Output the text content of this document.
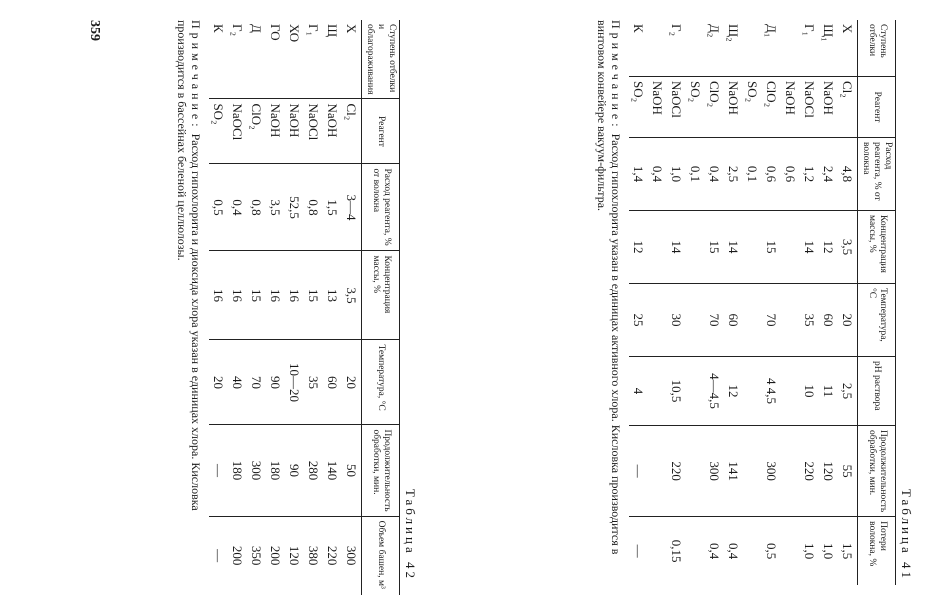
Таблица 41
Ступень отбелки	Реагент	Расход реагента, % от волокна	Концентрация массы, %	Температура, °С	pH раствора	Продолжительность обработки, мин.	Потери волокна, %
Х	Cl₂	4,8	3,5	20	2,5	55	1,5
Щ₁	NaOH	2,4	12	60	11	120	1,0
Г₁	NaOCl	1,2	14	35	10	220	1,0
	NaOH	0,6					
Д₁	ClO₂	0,6	15	70	4 4,5	300	0,5
	SO₂	0,1					
Щ₂	NaOH	2,5	14	60	12	141	0,4
Д₂	ClO₂	0,4	15	70	4—4,5	300	0,4
	SO₂	0,1					
Г₂	NaOCl	1,0	14	30	10,5	220	0,15
	NaOH	0,4					
К	SO₂	1,4	12	25	4	—	—
Примечание: Расход гипохлорита указан в единицах активного хлора. Кисловка производится в винтовом конвейере вакуум-фильтра.
Таблица 42
Ступень отбелки и облагораживания	Реагент	Расход реагента, % от волокна	Концентрация массы, %	Температура, °С	Продолжительность обработки, мин.	Объем башен, м³
Х	Cl₂	3—4	3,5	20	50	300
Щ	NaOH	1,5	13	60	140	220
Г₁	NaOCl	0,8	15	35	280	380
ХО	NaOH	52,5	16	10—20	90	120
ГО	NaOH	3,5	16	90	180	200
Д	ClO₂	0,8	15	70	300	350
Г₂	NaOCl	0,4	16	40	180	200
К	SO₂	0,5	16	20	—	—
Примечание: Расход гипохлорита и диоксида хлора указан в единицах хлора. Кисловка производится в бассейнах беленой целлюлозы.
359
